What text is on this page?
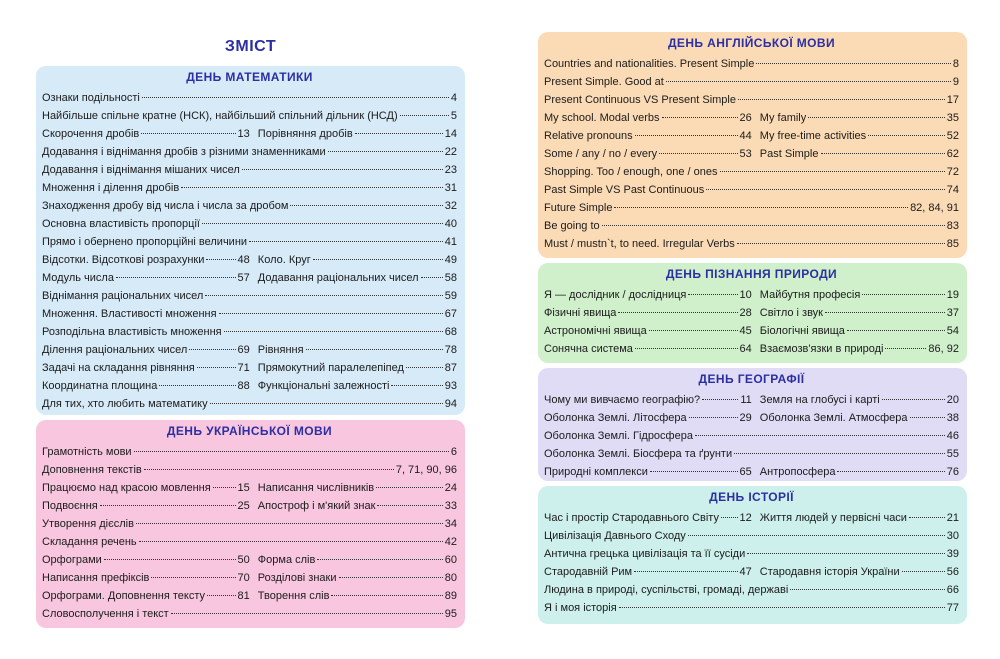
ЗМІСТ
ДЕНЬ МАТЕМАТИКИ
Ознаки подільності	4
Найбільше спільне кратне (НСК), найбільший спільний дільник (НСД)	5
Скорочення дробів	13 Порівняння дробів	14
Додавання і віднімання дробів з різними знаменниками	22
Додавання і віднімання мішаних чисел	23
Множення і ділення дробів	31
Знаходження дробу від числа і числа за дробом	32
Основна властивість пропорції	40
Прямо і обернено пропорційні величини	41
Відсотки. Відсоткові розрахунки	48 Коло. Круг	49
Модуль числа	57 Додавання раціональних чисел 58
Віднімання раціональних чисел	59
Множення. Властивості множення	67
Розподільна властивість множення	68
Ділення раціональних чисел	69 Рівняння	78
Задачі на складання рівняння	71 Прямокутний паралелепіпед	87
Координатна площина	88 Функціональні залежності	93
Для тих, хто любить математику	94
ДЕНЬ УКРАЇНСЬКОЇ МОВИ
Грамотність мови	6
Доповнення текстів	7, 71, 90, 96
Працюємо над красою мовлення 15 Написання числівників	24
Подвоєння	25 Апостроф і м'який знак	33
Утворення дієслів	34
Складання речень	42
Орфограми	50 Форма слів	60
Написання префіксів	70 Розділові знаки	80
Орфограми. Доповнення тексту	81 Творення слів	89
Словосполучення і текст	95
ДЕНЬ АНГЛІЙСЬКОЇ МОВИ
Countries and nationalities. Present Simple	8
Present Simple. Good at	9
Present Continuous VS Present Simple	17
My school. Modal verbs	26 My family	35
Relative pronouns	44 My free-time activities	52
Some / any / no / every	53 Past Simple	62
Shopping. Too / enough, one / ones	72
Past Simple VS Past Continuous	74
Future Simple	82, 84, 91
Be going to	83
Must / mustn`t, to need. Irregular Verbs	85
ДЕНЬ ПІЗНАННЯ ПРИРОДИ
Я — дослідник / дослідниця	10 Майбутня професія	19
Фізичні явища	28 Світло і звук	37
Астрономічні явища	45 Біологічні явища	54
Сонячна система	64 Взаємозв'язки в природі	86, 92
ДЕНЬ ГЕОГРАФІЇ
Чому ми вивчаємо географію?	11 Земля на глобусі і карті	20
Оболонка Землі. Літосфера	29 Оболонка Землі. Атмосфера	38
Оболонка Землі. Гідросфера	46
Оболонка Землі. Біосфера та ґрунти	55
Природні комплекси	65 Антропосфера	76
ДЕНЬ ІСТОРІЇ
Час і простір Стародавнього Світу 12 Життя людей у первісні часи	21
Цивілізація Давнього Сходу	30
Антична грецька цивілізація та її сусіди	39
Стародавній Рим	47 Стародавня історія України	56
Людина в природі, суспільстві, громаді, державі	66
Я і моя історія	77
